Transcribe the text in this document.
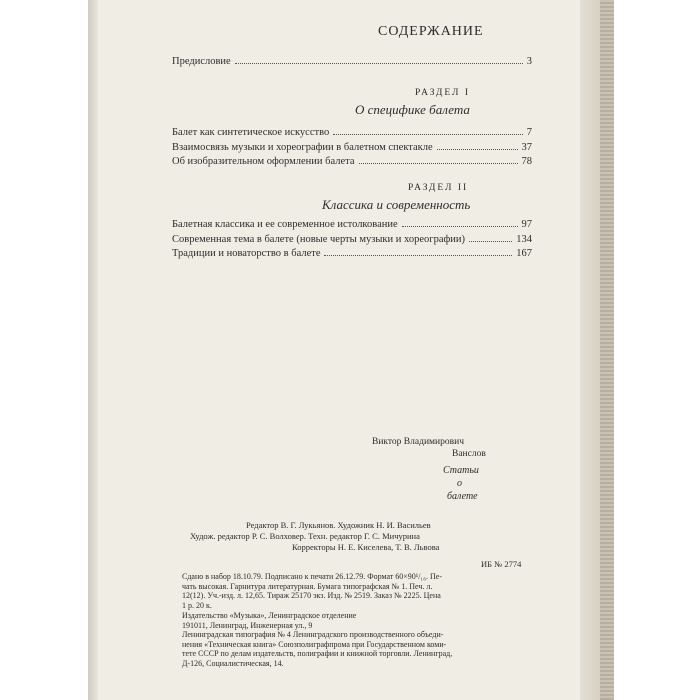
СОДЕРЖАНИЕ
Предисловие	3
РАЗДЕЛ I
О специфике балета
Балет как синтетическое искусство	7
Взаимосвязь музыки и хореографии в балетном спектакле	37
Об изобразительном оформлении балета	78
РАЗДЕЛ II
Классика и современность
Балетная классика и ее современное истолкование	97
Современная тема в балете (новые черты музыки и хореографии)	134
Традиции и новаторство в балете	167
Виктор Владимирович
Ванслов
Статьи
о
балете
Редактор В. Г. Лукьянов. Художник Н. И. Васильев
Худож. редактор Р. С. Волховер. Техн. редактор Г. С. Мичурина
Корректоры Н. Е. Киселева, Т. В. Львова
ИБ № 2774
Сдано в набор 18.10.79. Подписано к печати 26.12.79. Формат 60×90¹/₁₆. Пе-
чать высокая. Гарнитура литературная. Бумага типографская № 1. Печ. л.
12(12). Уч.-изд. л. 12,65. Тираж 25170 экз. Изд. № 2519. Заказ № 2225. Цена
1 р. 20 к.
Издательство «Музыка», Ленинградское отделение
191011, Ленинград, Инженерная ул., 9
Ленинградская типография № 4 Ленинградского производственного объеди-
нения «Техническая книга» Союзполиграфпрома при Государственном коми-
тете СССР по делам издательств, полиграфии и книжной торговли. Ленинград,
Д-126, Социалистическая, 14.
